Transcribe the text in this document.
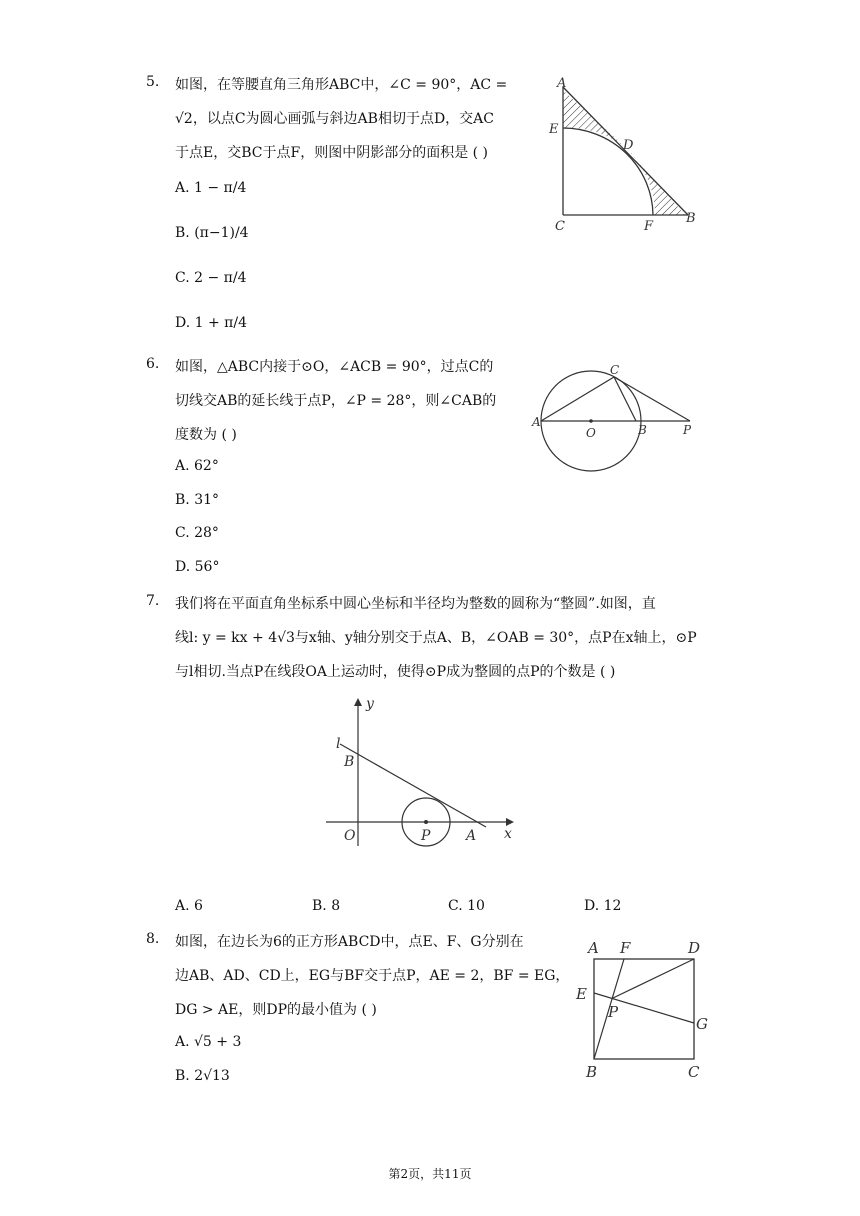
5. 如图，在等腰直角三角形ABC中，∠C = 90°，AC =
√2，以点C为圆心画弧与斜边AB相切于点D，交AC
于点E，交BC于点F，则图中阴影部分的面积是 ( )
A. 1 − π/4
B. (π−1)/4
C. 2 − π/4
D. 1 + π/4
A
E
D
C	F
B
6. 如图，△ABC内接于⊙O，∠ACB = 90°，过点C的
切线交AB的延长线于点P，∠P = 28°，则∠CAB的
度数为 ( )
A. 62°
B. 31°
C. 28°
D. 56°
A
O	B
C
P
7. 我们将在平面直角坐标系中圆心坐标和半径均为整数的圆称为“整圆”.如图，直
线l: y = kx + 4√3与x轴、y轴分别交于点A、B，∠OAB = 30°，点P在x轴上，⊙P
与l相切.当点P在线段OA上运动时，使得⊙P成为整圆的点P的个数是 ( )
y
l
B
O	P	A x
A. 6	B. 8	C. 10	D. 12
8. 如图，在边长为6的正方形ABCD中，点E、F、G分别在
边AB、AD、CD上，EG与BF交于点P，AE = 2，BF = EG，
DG > AE，则DP的最小值为 ( )
A. √5 + 3
B. 2√13
A F	D
E
P
G
B	C
第2页，共11页
